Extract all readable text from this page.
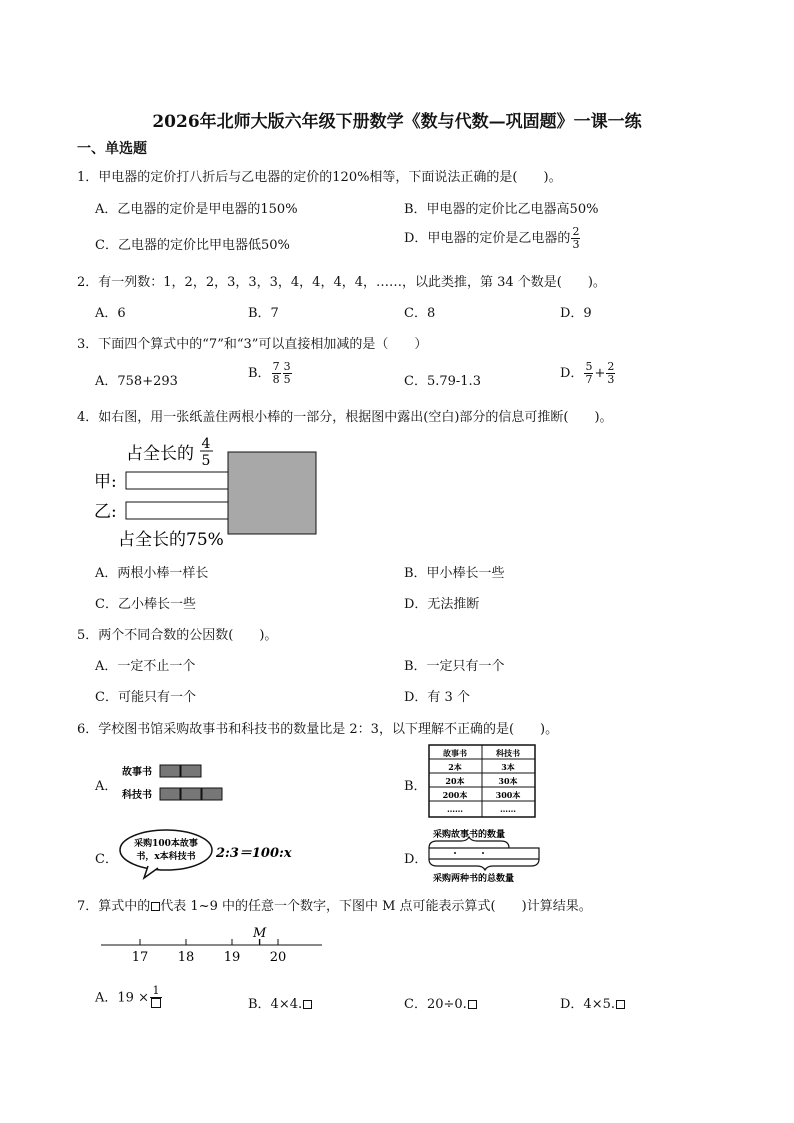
2026年北师大版六年级下册数学《数与代数—巩固题》一课一练
一、单选题
1．甲电器的定价打八折后与乙电器的定价的120%相等，下面说法正确的是(　　)。
A．乙电器的定价是甲电器的150%	B．甲电器的定价比乙电器高50%
C．乙电器的定价比甲电器低50%	D．甲电器的定价是乙电器的 $\frac{2}{3}$
2．有一列数：1，2，2，3，3，3，4，4，4，4，……，以此类推，第 34 个数是(　　)。
A．6	B．7	C．8	D．9
3．下面四个算式中的“7”和“3”可以直接相加减的是（　　）
A．758+293
B． $\frac{7}{8} \frac{3}{5}$	C．5.79-1.3
D． $\frac{5}{7} + \frac{2}{3}$
4．如右图，用一张纸盖住两根小棒的一部分，根据图中露出(空白)部分的信息可推断(　　)。
占全长的 4
5
甲:
乙:
占全长的75%
A．两根小棒一样长	B．甲小棒长一些
C．乙小棒长一些	D．无法推断
5．两个不同合数的公因数(　　)。
A．一定不止一个	B．一定只有一个
C．可能只有一个	D．有 3 个
6．学校图书馆采购故事书和科技书的数量比是 2：3，以下理解不正确的是(　　)。
A．
故事书
科技书
B．
故事书	科技书
2本	3本
20本	30本
200本	300本
……	……
C．
采购100本故事
书，x本科技书 2:3＝100:x	D．
采购故事书的数量
采购两种书的总数量
7．算式中的 代表 1~9 中的任意一个数字，下图中 M 点可能表示算式(　　)计算结果。
M
17 18 19 20
A．19 × 1
B．4×4.	C．20÷0.	D．4×5.
